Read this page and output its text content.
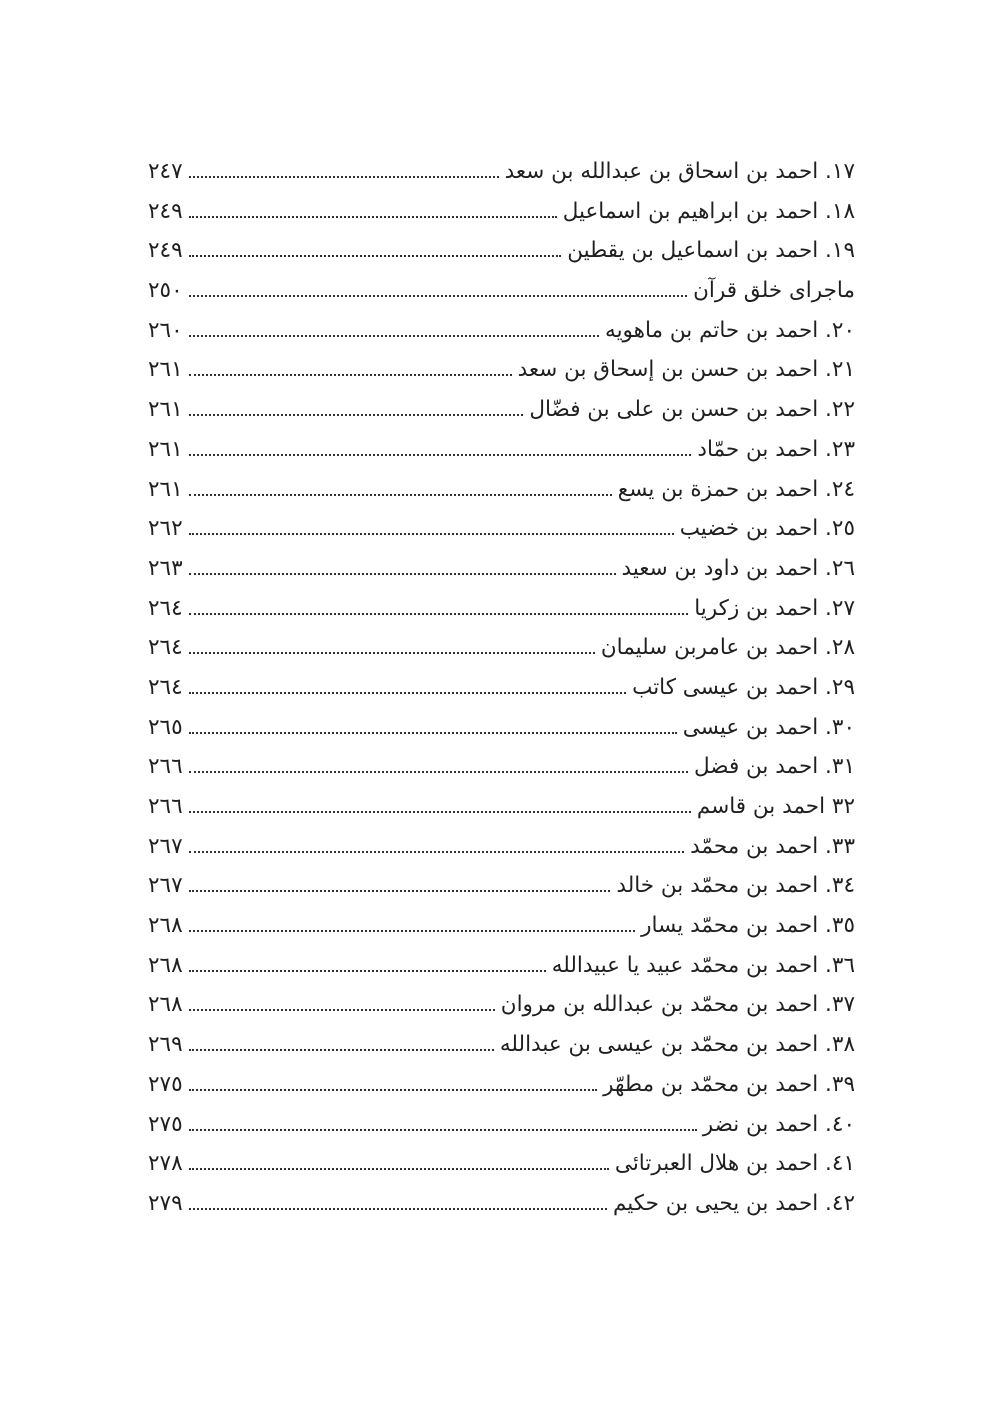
١٧. احمد بن اسحاق بن عبدالله بن سعد
٢٤٧
١٨. احمد بن ابراهيم بن اسماعيل
٢٤٩
١٩. احمد بن اسماعيل بن يقطين
٢٤٩
ماجرای خلق قرآن
٢٥٠
٢٠. احمد بن حاتم بن ماهويه
٢٦٠
٢١. احمد بن حسن بن إسحاق بن سعد
٢٦١
٢٢. احمد بن حسن بن علی بن فضّال
٢٦١
٢٣. احمد بن حمّاد
٢٦١
٢٤. احمد بن حمزة بن يسع
٢٦١
٢٥. احمد بن خضيب
٢٦٢
٢٦. احمد بن داود بن سعيد
٢٦٣
٢٧. احمد بن زكريا
٢٦٤
٢٨. احمد بن عامربن سليمان
٢٦٤
٢٩. احمد بن عيسی كاتب
٢٦٤
٣٠. احمد بن عيسی
٢٦٥
٣١. احمد بن فضل
٢٦٦
٣٢ احمد بن قاسم
٢٦٦
٣٣. احمد بن محمّد
٢٦٧
٣٤. احمد بن محمّد بن خالد
٢٦٧
٣٥. احمد بن محمّد يسار
٢٦٨
٣٦. احمد بن محمّد عبيد يا عبيدالله
٢٦٨
٣٧. احمد بن محمّد بن عبدالله بن مروان
٢٦٨
٣٨. احمد بن محمّد بن عيسی بن عبدالله
٢٦٩
٣٩. احمد بن محمّد بن مطهّر
٢٧٥
٤٠. احمد بن نضر
٢٧٥
٤١. احمد بن هلال العبرتائی
٢٧٨
٤٢. احمد بن يحيی بن حكيم
٢٧٩
